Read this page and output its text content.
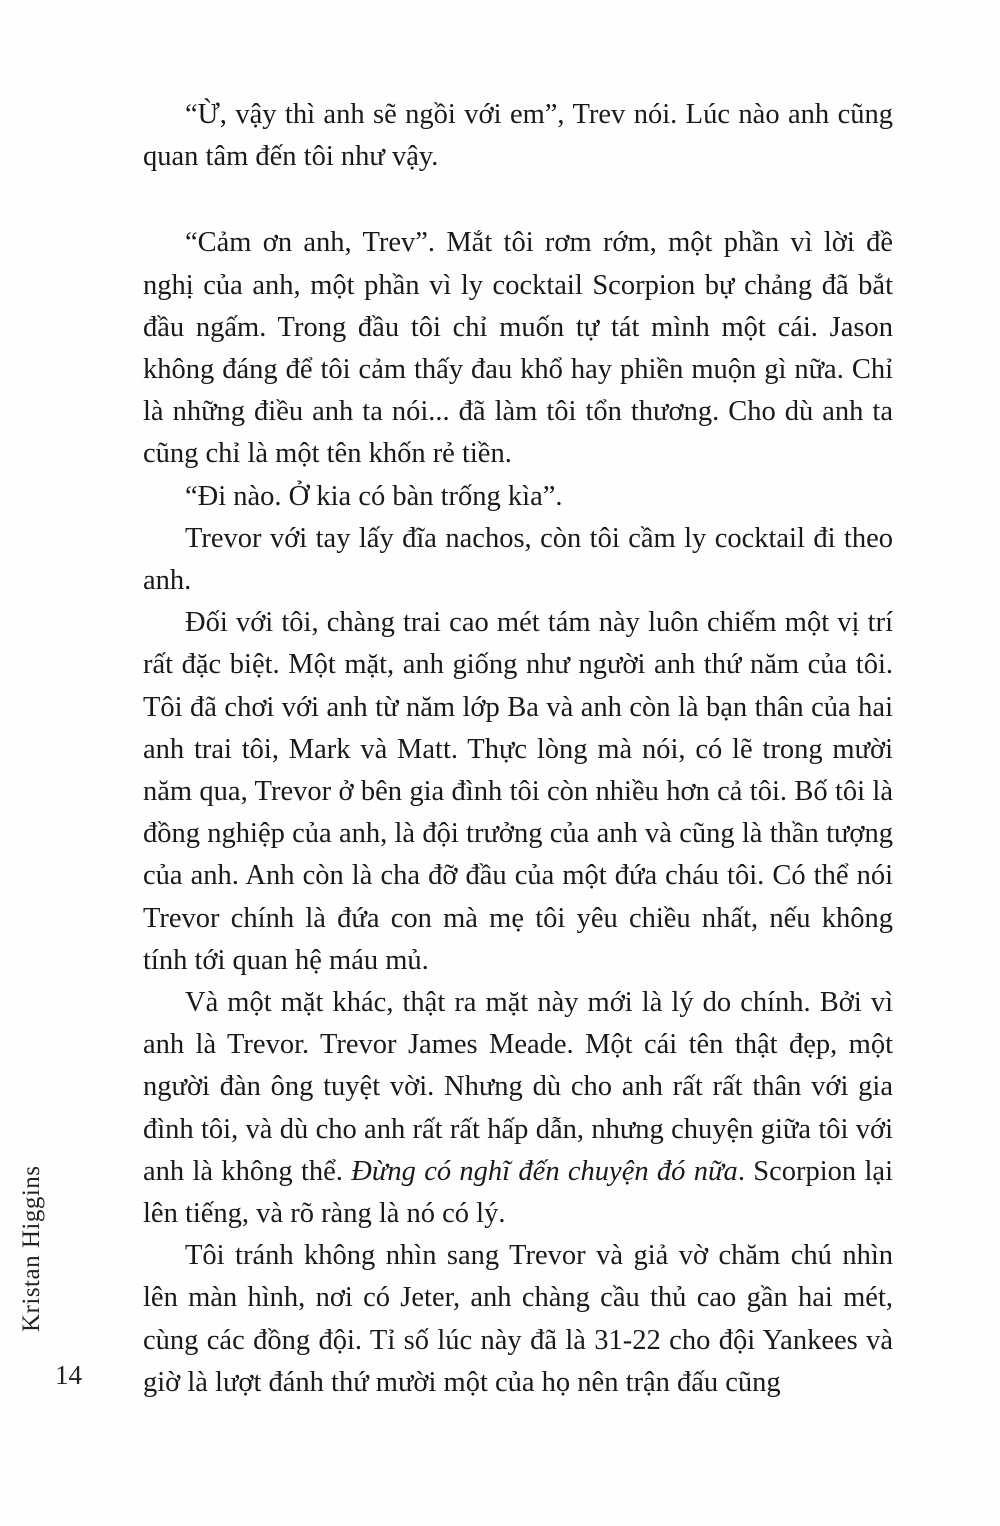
Kristan Higgins
14

“Ừ, vậy thì anh sẽ ngồi với em”, Trev nói. Lúc nào anh cũng quan tâm đến tôi như vậy.

“Cảm ơn anh, Trev”. Mắt tôi rơm rớm, một phần vì lời đề nghị của anh, một phần vì ly cocktail Scorpion bự chảng đã bắt đầu ngấm. Trong đầu tôi chỉ muốn tự tát mình một cái. Jason không đáng để tôi cảm thấy đau khổ hay phiền muộn gì nữa. Chỉ là những điều anh ta nói... đã làm tôi tổn thương. Cho dù anh ta cũng chỉ là một tên khốn rẻ tiền.

“Đi nào. Ở kia có bàn trống kìa”.

Trevor với tay lấy đĩa nachos, còn tôi cầm ly cocktail đi theo anh.

Đối với tôi, chàng trai cao mét tám này luôn chiếm một vị trí rất đặc biệt. Một mặt, anh giống như người anh thứ năm của tôi. Tôi đã chơi với anh từ năm lớp Ba và anh còn là bạn thân của hai anh trai tôi, Mark và Matt. Thực lòng mà nói, có lẽ trong mười năm qua, Trevor ở bên gia đình tôi còn nhiều hơn cả tôi. Bố tôi là đồng nghiệp của anh, là đội trưởng của anh và cũng là thần tượng của anh. Anh còn là cha đỡ đầu của một đứa cháu tôi. Có thể nói Trevor chính là đứa con mà mẹ tôi yêu chiều nhất, nếu không tính tới quan hệ máu mủ.

Và một mặt khác, thật ra mặt này mới là lý do chính. Bởi vì anh là Trevor. Trevor James Meade. Một cái tên thật đẹp, một người đàn ông tuyệt vời. Nhưng dù cho anh rất rất thân với gia đình tôi, và dù cho anh rất rất hấp dẫn, nhưng chuyện giữa tôi với anh là không thể. Đừng có nghĩ đến chuyện đó nữa. Scorpion lại lên tiếng, và rõ ràng là nó có lý.

Tôi tránh không nhìn sang Trevor và giả vờ chăm chú nhìn lên màn hình, nơi có Jeter, anh chàng cầu thủ cao gần hai mét, cùng các đồng đội. Tỉ số lúc này đã là 31-22 cho đội Yankees và giờ là lượt đánh thứ mười một của họ nên trận đấu cũng
